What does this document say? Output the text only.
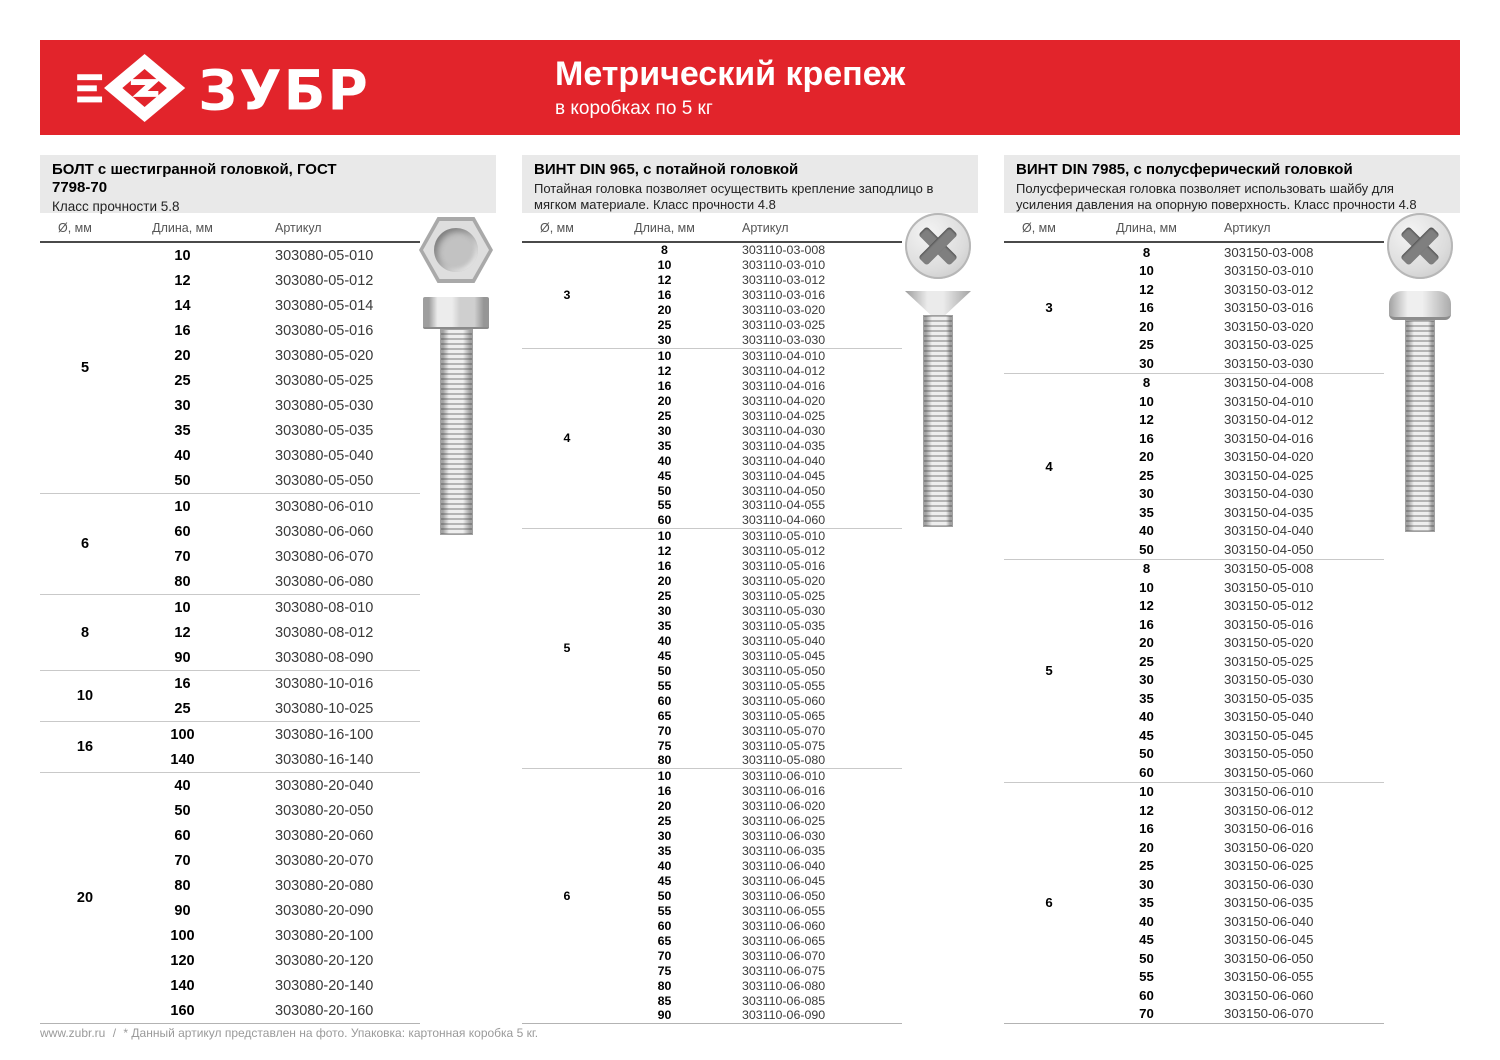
ЗУБР	Метрический крепеж
в коробках по 5 кг
БОЛТ с шестигранной головкой, ГОСТ 7798-70
Класс прочности 5.8
Ø, мм	Длина, мм	Артикул
5
10	303080-05-010
12	303080-05-012
14	303080-05-014
16	303080-05-016
20	303080-05-020
25	303080-05-025
30	303080-05-030
35	303080-05-035
40	303080-05-040
50	303080-05-050
6
10	303080-06-010
60	303080-06-060
70	303080-06-070
80	303080-06-080
8
10	303080-08-010
12	303080-08-012
90	303080-08-090
10
16	303080-10-016
25	303080-10-025
16
100	303080-16-100
140	303080-16-140
20
40	303080-20-040
50	303080-20-050
60	303080-20-060
70	303080-20-070
80	303080-20-080
90	303080-20-090
100	303080-20-100
120	303080-20-120
140	303080-20-140
160	303080-20-160
ВИНТ DIN 965, с потайной головкой
Потайная головка позволяет осуществить крепление заподлицо в мягком материале. Класс прочности 4.8
Ø, мм	Длина, мм	Артикул
3
8	303110-03-008
10	303110-03-010
12	303110-03-012
16	303110-03-016
20	303110-03-020
25	303110-03-025
30	303110-03-030
4
10	303110-04-010
12	303110-04-012
16	303110-04-016
20	303110-04-020
25	303110-04-025
30	303110-04-030
35	303110-04-035
40	303110-04-040
45	303110-04-045
50	303110-04-050
55	303110-04-055
60	303110-04-060
5
10	303110-05-010
12	303110-05-012
16	303110-05-016
20	303110-05-020
25	303110-05-025
30	303110-05-030
35	303110-05-035
40	303110-05-040
45	303110-05-045
50	303110-05-050
55	303110-05-055
60	303110-05-060
65	303110-05-065
70	303110-05-070
75	303110-05-075
80	303110-05-080
6
10	303110-06-010
16	303110-06-016
20	303110-06-020
25	303110-06-025
30	303110-06-030
35	303110-06-035
40	303110-06-040
45	303110-06-045
50	303110-06-050
55	303110-06-055
60	303110-06-060
65	303110-06-065
70	303110-06-070
75	303110-06-075
80	303110-06-080
85	303110-06-085
90	303110-06-090
ВИНТ DIN 7985, с полусферический головкой
Полусферическая головка позволяет использовать шайбу для усиления давления на опорную поверхность. Класс прочности 4.8
Ø, мм	Длина, мм	Артикул
3
8	303150-03-008
10	303150-03-010
12	303150-03-012
16	303150-03-016
20	303150-03-020
25	303150-03-025
30	303150-03-030
4
8	303150-04-008
10	303150-04-010
12	303150-04-012
16	303150-04-016
20	303150-04-020
25	303150-04-025
30	303150-04-030
35	303150-04-035
40	303150-04-040
50	303150-04-050
5
8	303150-05-008
10	303150-05-010
12	303150-05-012
16	303150-05-016
20	303150-05-020
25	303150-05-025
30	303150-05-030
35	303150-05-035
40	303150-05-040
45	303150-05-045
50	303150-05-050
60	303150-05-060
6
10	303150-06-010
12	303150-06-012
16	303150-06-016
20	303150-06-020
25	303150-06-025
30	303150-06-030
35	303150-06-035
40	303150-06-040
45	303150-06-045
50	303150-06-050
55	303150-06-055
60	303150-06-060
70	303150-06-070
www.zubr.ru / * Данный артикул представлен на фото. Упаковка: картонная коробка 5 кг.
